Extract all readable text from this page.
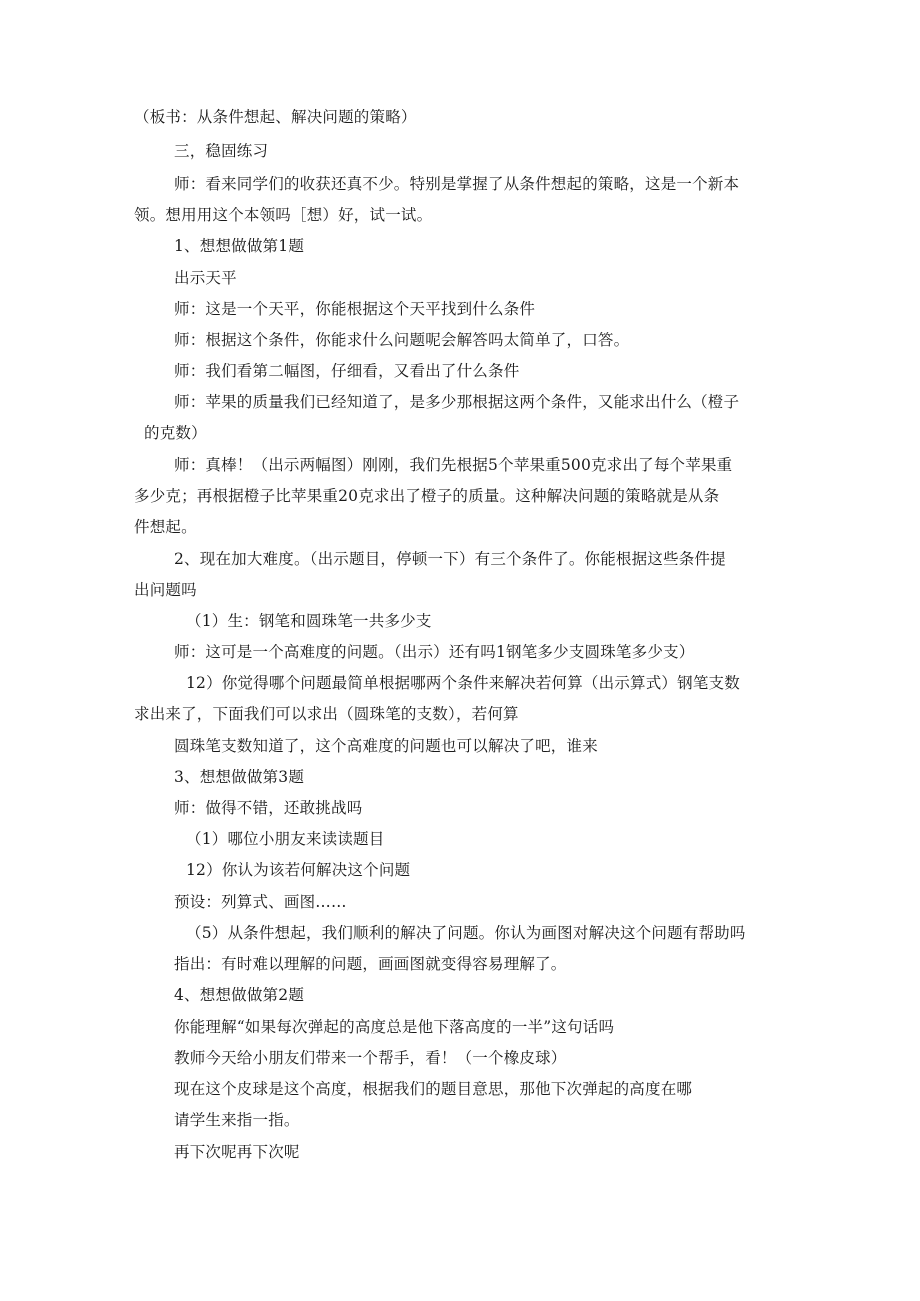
（板书：从条件想起、解决问题的策略）
三，稳固练习
师：看来同学们的收获还真不少。特别是掌握了从条件想起的策略，这是一个新本
领。想用用这个本领吗［想）好，试一试。
1、想想做做第1题
出示天平
师：这是一个天平，你能根据这个天平找到什么条件
师：根据这个条件，你能求什么问题呢会解答吗太简单了，口答。
师：我们看第二幅图，仔细看，又看出了什么条件
师：苹果的质量我们已经知道了，是多少那根据这两个条件，又能求出什么（橙子
的克数）
师：真棒！（出示两幅图）刚刚，我们先根据5个苹果重500克求出了每个苹果重
多少克；再根据橙子比苹果重20克求出了橙子的质量。这种解决问题的策略就是从条
件想起。
2、现在加大难度。（出示题目，停顿一下）有三个条件了。你能根据这些条件提
出问题吗
（1）生：钢笔和圆珠笔一共多少支
师：这可是一个高难度的问题。（出示）还有吗1钢笔多少支圆珠笔多少支）
12）你觉得哪个问题最简单根据哪两个条件来解决若何算（出示算式）钢笔支数
求出来了，下面我们可以求出（圆珠笔的支数），若何算
圆珠笔支数知道了，这个高难度的问题也可以解决了吧，谁来
3、想想做做第3题
师：做得不错，还敢挑战吗
（1）哪位小朋友来读读题目
12）你认为该若何解决这个问题
预设：列算式、画图……
（5）从条件想起，我们顺利的解决了问题。你认为画图对解决这个问题有帮助吗
指出：有时难以理解的问题，画画图就变得容易理解了。
4、想想做做第2题
你能理解“如果每次弹起的高度总是他下落高度的一半”这句话吗
教师今天给小朋友们带来一个帮手，看！（一个橡皮球）
现在这个皮球是这个高度，根据我们的题目意思，那他下次弹起的高度在哪
请学生来指一指。
再下次呢再下次呢
